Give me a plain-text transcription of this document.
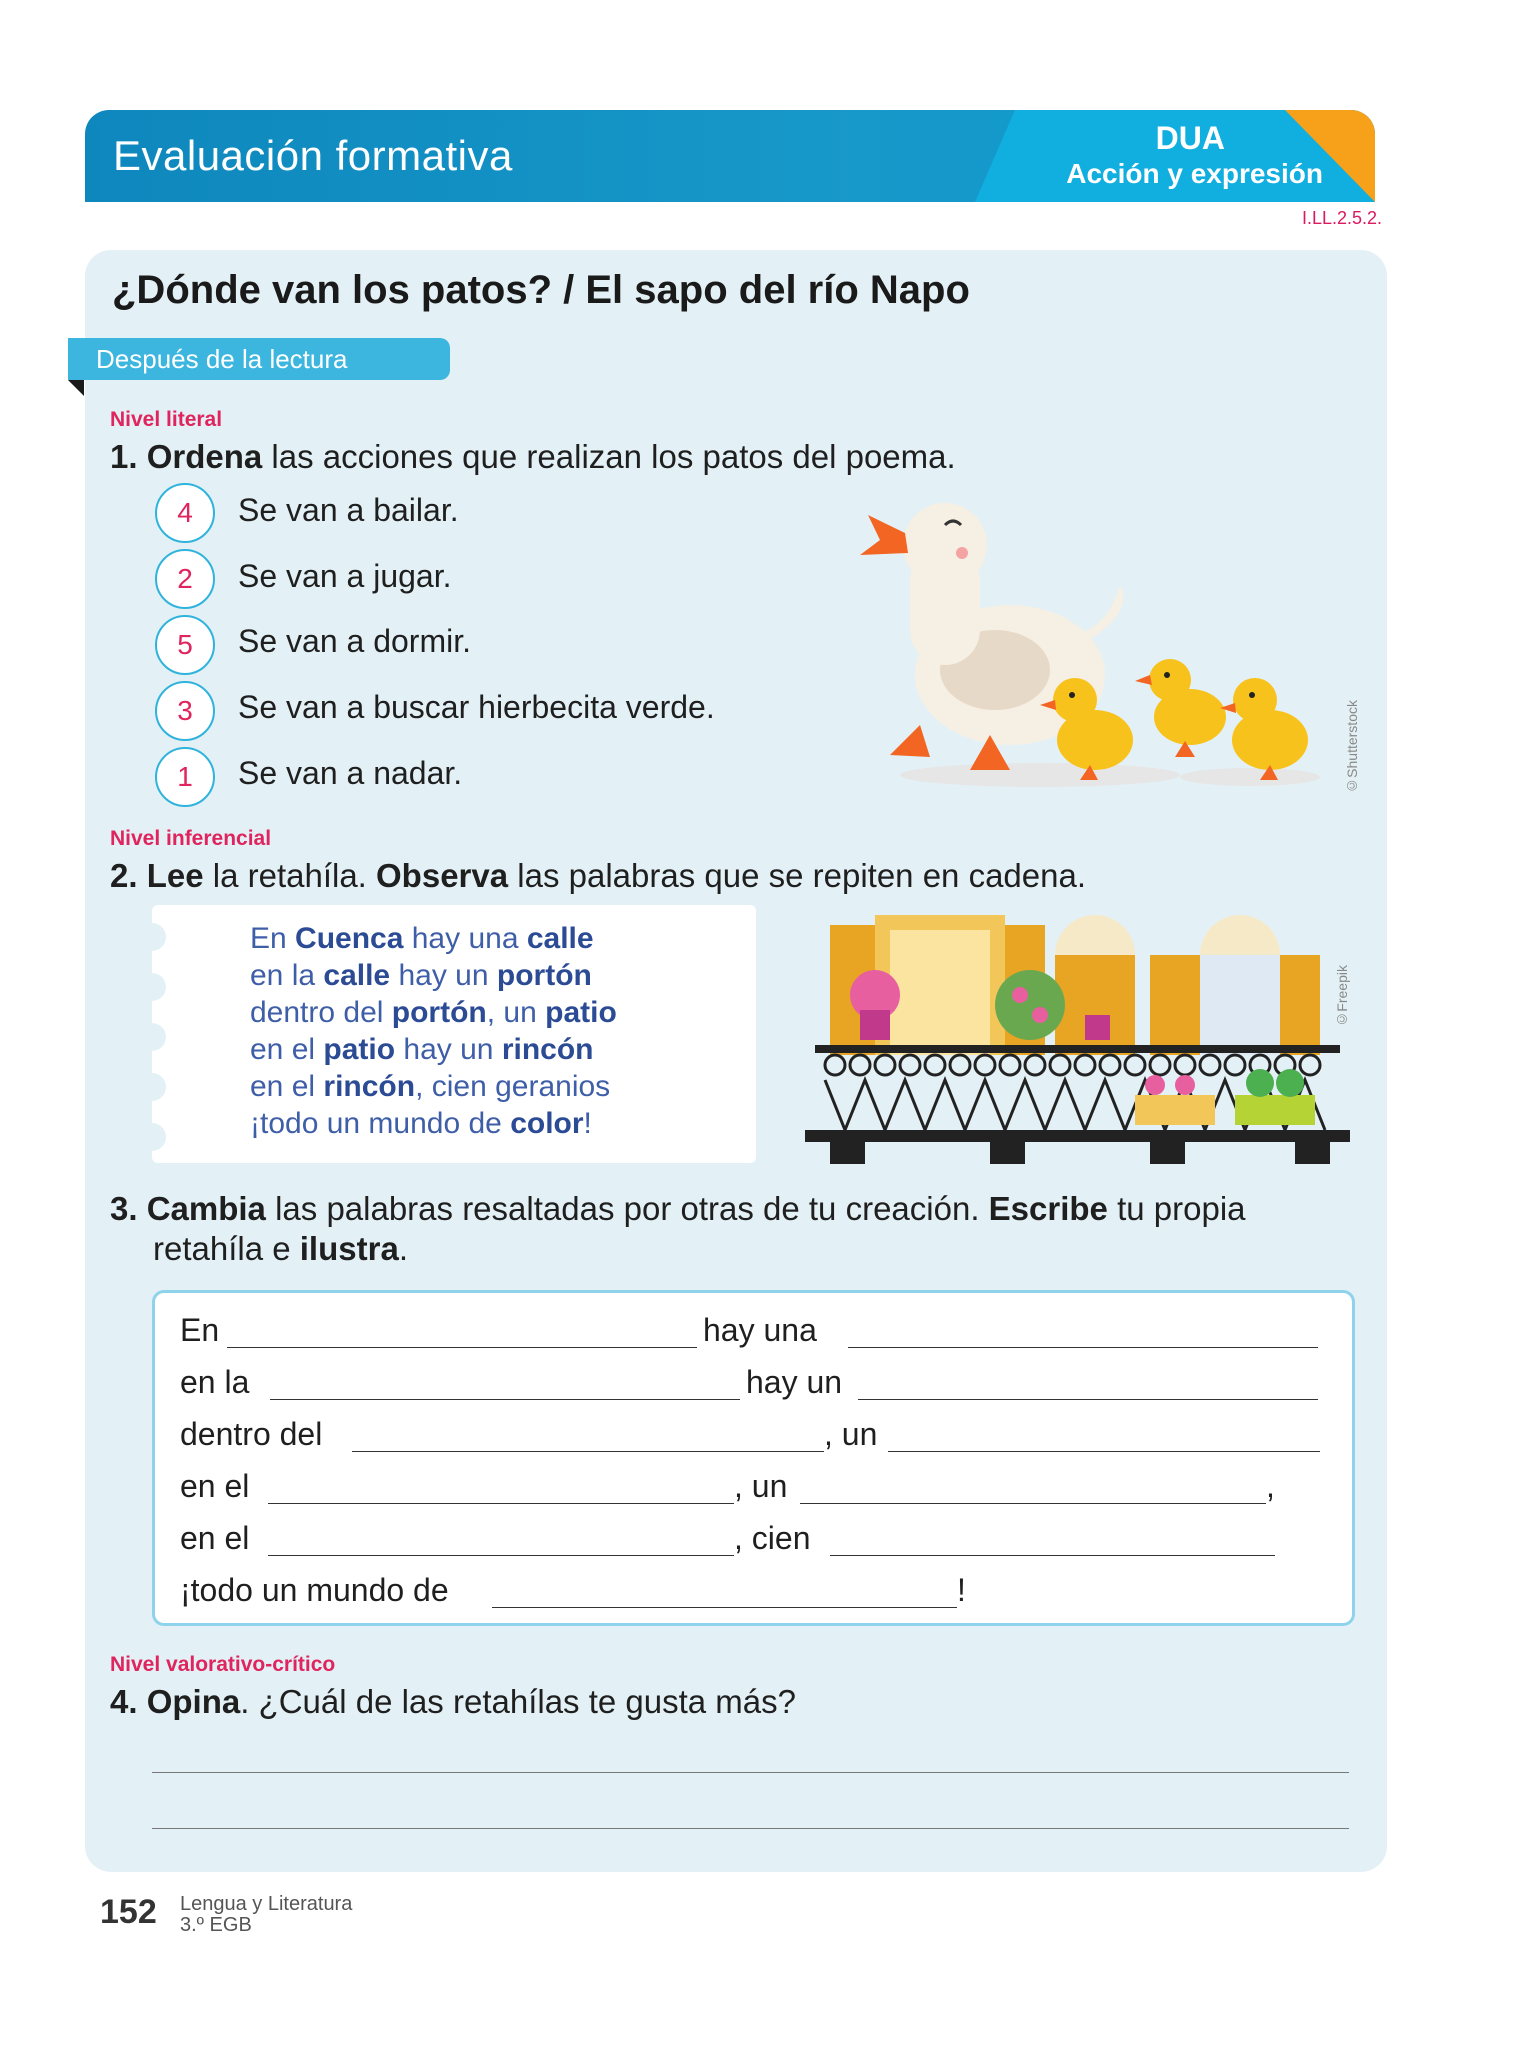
Evaluación formativa	DUA
Acción y expresión
I.LL.2.5.2.
¿Dónde van los patos? / El sapo del río Napo
Después de la lectura
Nivel literal
1. Ordena las acciones que realizan los patos del poema.
4	Se van a bailar.
2	Se van a jugar.
5	Se van a dormir.
3	Se van a buscar hierbecita verde.
1	Se van a nadar.	©Shutterstock
Nivel inferencial
2. Lee la retahíla. Observa las palabras que se repiten en cadena.
En Cuenca hay una calle
en la calle hay un portón
dentro del portón, un patio
en el patio hay un rincón
en el rincón, cien geranios
¡todo un mundo de color!
©Freepik
3. Cambia las palabras resaltadas por otras de tu creación. Escribe tu propia
retahíla e ilustra.
En	hay una
en la	hay un
dentro del	, un
en el	, un	,
en el	, cien
¡todo un mundo de	!
Nivel valorativo-crítico
4. Opina. ¿Cuál de las retahílas te gusta más?
152 Lengua y Literatura
3.º EGB
